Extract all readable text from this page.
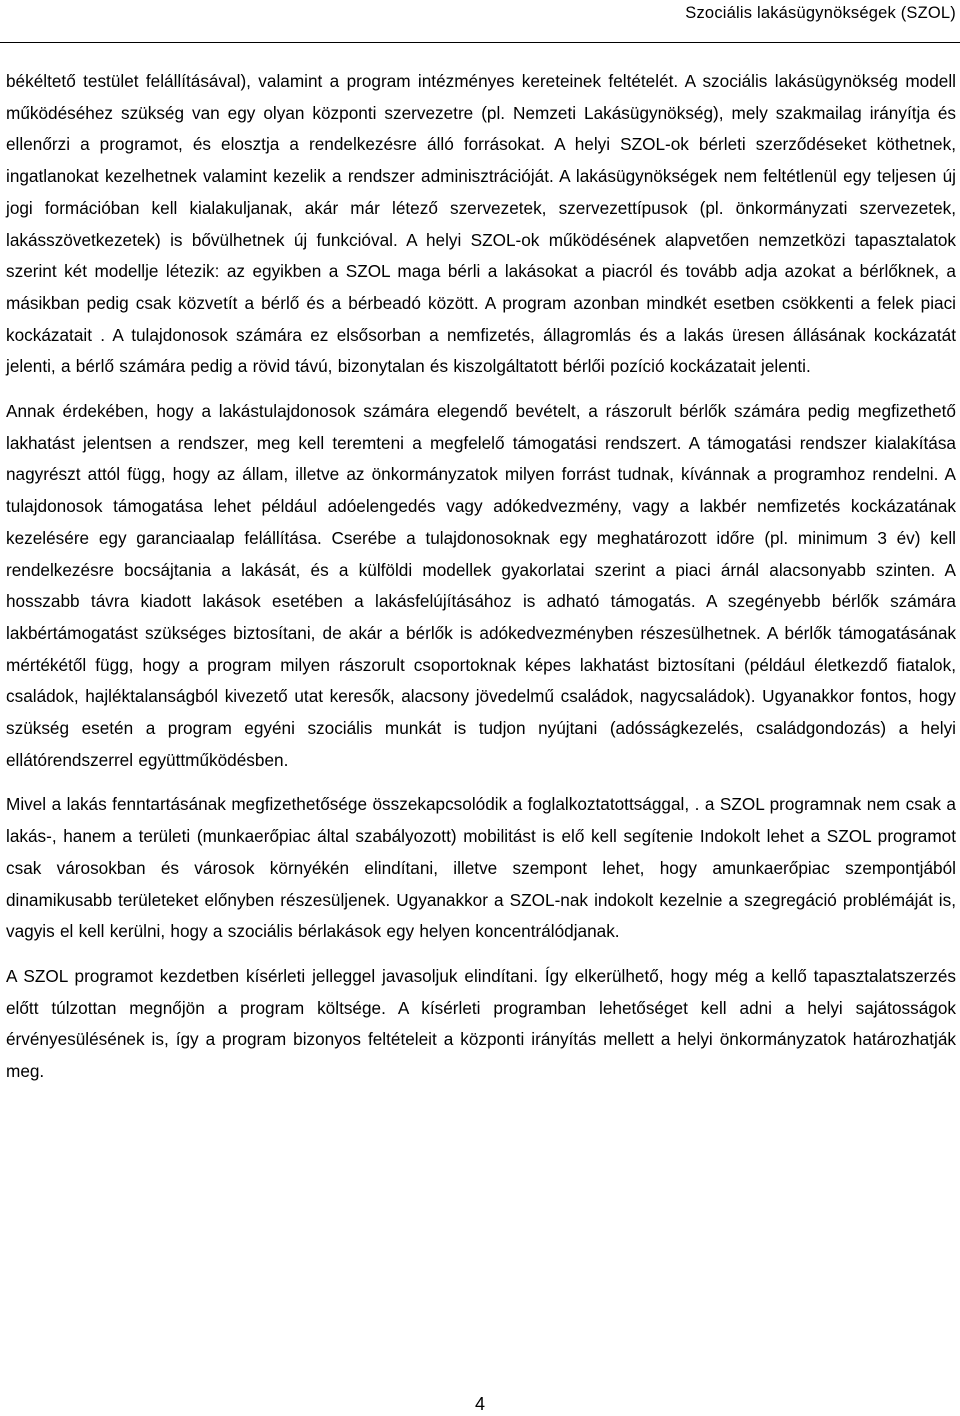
Szociális lakásügynökségek (SZOL)

békéltető testület felállításával), valamint a program intézményes kereteinek feltételét. A szociális lakásügynökség modell működéséhez szükség van egy olyan központi szervezetre (pl. Nemzeti Lakásügynökség), mely szakmailag irányítja és ellenőrzi a programot, és elosztja a rendelkezésre álló forrásokat. A helyi SZOL-ok bérleti szerződéseket köthetnek, ingatlanokat kezelhetnek valamint kezelik a rendszer adminisztrációját. A lakásügynökségek nem feltétlenül egy teljesen új jogi formációban kell kialakuljanak, akár már létező szervezetek, szervezettípusok (pl. önkormányzati szervezetek, lakásszövetkezetek) is bővülhetnek új funkcióval. A helyi SZOL-ok működésének alapvetően nemzetközi tapasztalatok szerint két modellje létezik: az egyikben a SZOL maga bérli a lakásokat a piacról és tovább adja azokat a bérlőknek, a másikban pedig csak közvetít a bérlő és a bérbeadó között. A program azonban mindkét esetben csökkenti a felek piaci kockázatait . A tulajdonosok számára ez elsősorban a nemfizetés, állagromlás és a lakás üresen állásának kockázatát jelenti, a bérlő számára pedig a rövid távú, bizonytalan és kiszolgáltatott bérlői pozíció kockázatait jelenti.

Annak érdekében, hogy a lakástulajdonosok számára elegendő bevételt, a rászorult bérlők számára pedig megfizethető lakhatást jelentsen a rendszer, meg kell teremteni a megfelelő támogatási rendszert. A támogatási rendszer kialakítása nagyrészt attól függ, hogy az állam, illetve az önkormányzatok milyen forrást tudnak, kívánnak a programhoz rendelni. A tulajdonosok támogatása lehet például adóelengedés vagy adókedvezmény, vagy a lakbér nemfizetés kockázatának kezelésére egy garanciaalap felállítása. Cserébe a tulajdonosoknak egy meghatározott időre (pl. minimum 3 év) kell rendelkezésre bocsájtania a lakását, és a külföldi modellek gyakorlatai szerint a piaci árnál alacsonyabb szinten. A hosszabb távra kiadott lakások esetében a lakásfelújításához is adható támogatás. A szegényebb bérlők számára lakbértámogatást szükséges biztosítani, de akár a bérlők is adókedvezményben részesülhetnek. A bérlők támogatásának mértékétől függ, hogy a program milyen rászorult csoportoknak képes lakhatást biztosítani (például életkezdő fiatalok, családok, hajléktalanságból kivezető utat keresők, alacsony jövedelmű családok, nagycsaládok). Ugyanakkor fontos, hogy szükség esetén a program egyéni szociális munkát is tudjon nyújtani (adósságkezelés, családgondozás) a helyi ellátórendszerrel együttműködésben.

Mivel a lakás fenntartásának megfizethetősége összekapcsolódik a foglalkoztatottsággal, . a SZOL programnak nem csak a lakás-, hanem a területi (munkaerőpiac által szabályozott) mobilitást is elő kell segítenie Indokolt lehet a SZOL programot csak városokban és városok környékén elindítani, illetve szempont lehet, hogy amunkaerőpiac szempontjából dinamikusabb területeket előnyben részesüljenek. Ugyanakkor a SZOL-nak indokolt kezelnie a szegregáció problémáját is, vagyis el kell kerülni, hogy a szociális bérlakások egy helyen koncentrálódjanak.

A SZOL programot kezdetben kísérleti jelleggel javasoljuk elindítani. Így elkerülhető, hogy még a kellő tapasztalatszerzés előtt túlzottan megnőjön a program költsége. A kísérleti programban lehetőséget kell adni a helyi sajátosságok érvényesülésének is, így a program bizonyos feltételeit a központi irányítás mellett a helyi önkormányzatok határozhatják meg.

4
